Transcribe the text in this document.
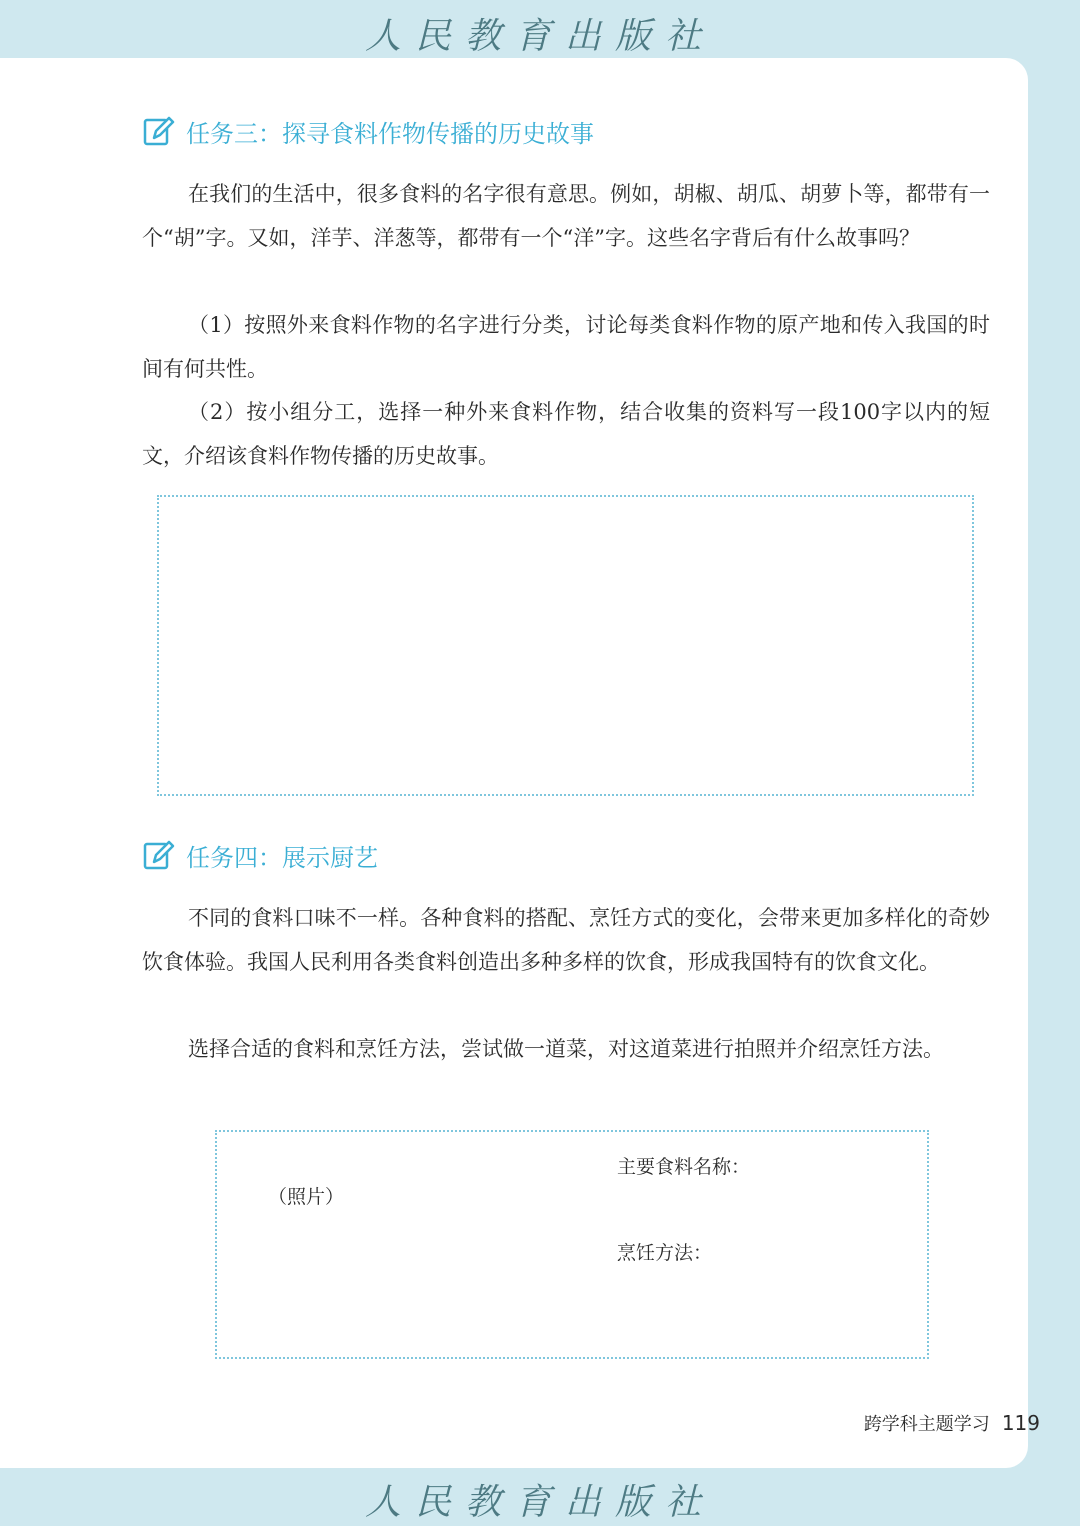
人民教育出版社
任务三：探寻食料作物传播的历史故事

在我们的生活中，很多食料的名字很有意思。例如，胡椒、胡瓜、胡萝卜等，都带有一个“胡”字。又如，洋芋、洋葱等，都带有一个“洋”字。这些名字背后有什么故事吗？

（1）按照外来食料作物的名字进行分类，讨论每类食料作物的原产地和传入我国的时间有何共性。

（2）按小组分工，选择一种外来食料作物，结合收集的资料写一段100字以内的短文，介绍该食料作物传播的历史故事。

任务四：展示厨艺

不同的食料口味不一样。各种食料的搭配、烹饪方式的变化，会带来更加多样化的奇妙饮食体验。我国人民利用各类食料创造出多种多样的饮食，形成我国特有的饮食文化。

选择合适的食料和烹饪方法，尝试做一道菜，对这道菜进行拍照并介绍烹饪方法。

（照片）
主要食料名称：
烹饪方法：
跨学科主题学习 119
人民教育出版社
